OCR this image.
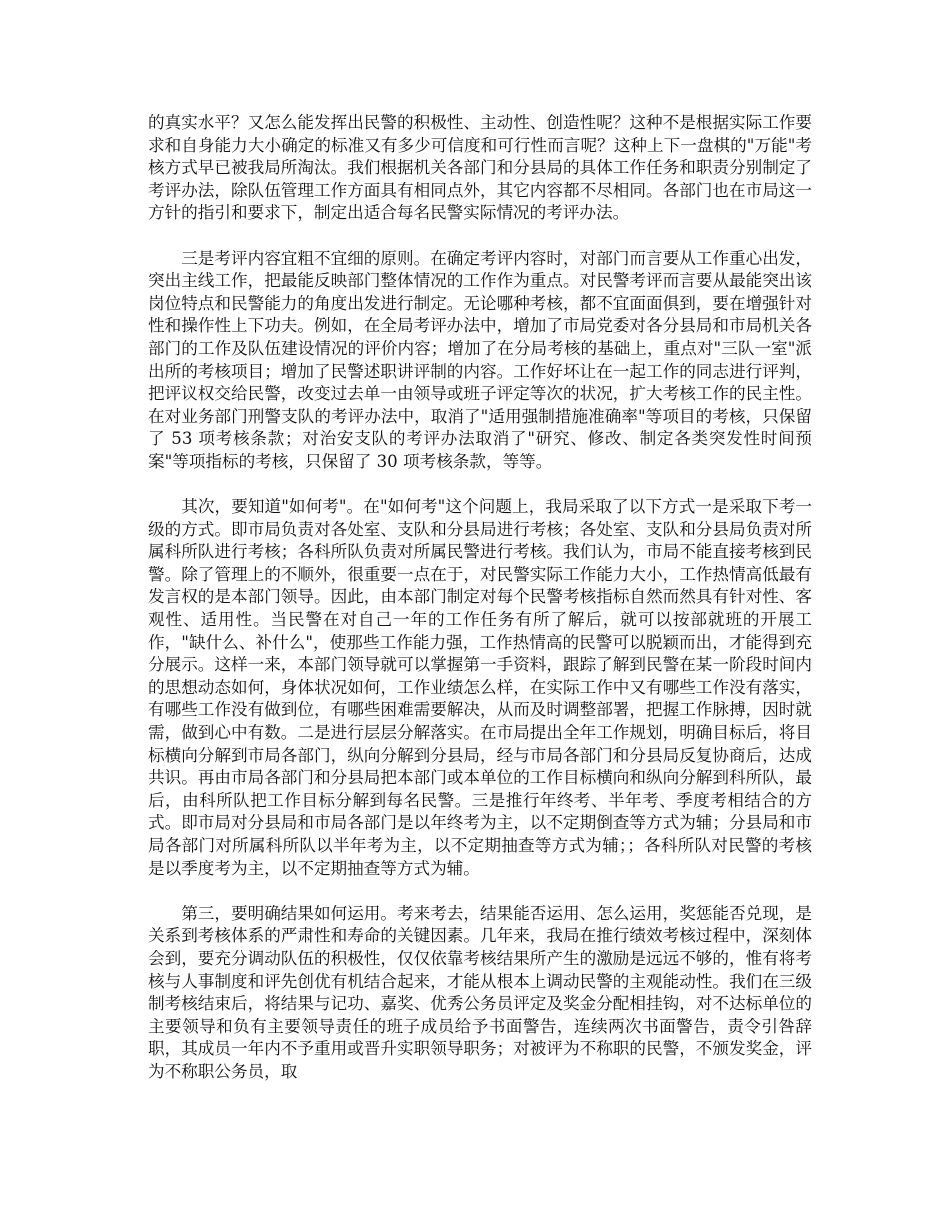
的真实水平？又怎么能发挥出民警的积极性、主动性、创造性呢？这种不是根据实际工作要求和自身能力大小确定的标准又有多少可信度和可行性而言呢？这种上下一盘棋的"万能"考核方式早已被我局所淘汰。我们根据机关各部门和分县局的具体工作任务和职责分别制定了考评办法，除队伍管理工作方面具有相同点外，其它内容都不尽相同。各部门也在市局这一方针的指引和要求下，制定出适合每名民警实际情况的考评办法。

三是考评内容宜粗不宜细的原则。在确定考评内容时，对部门而言要从工作重心出发，突出主线工作，把最能反映部门整体情况的工作作为重点。对民警考评而言要从最能突出该岗位特点和民警能力的角度出发进行制定。无论哪种考核，都不宜面面俱到，要在增强针对性和操作性上下功夫。例如，在全局考评办法中，增加了市局党委对各分县局和市局机关各部门的工作及队伍建设情况的评价内容；增加了在分局考核的基础上，重点对"三队一室"派出所的考核项目；增加了民警述职讲评制的内容。工作好坏让在一起工作的同志进行评判，把评议权交给民警，改变过去单一由领导或班子评定等次的状况，扩大考核工作的民主性。在对业务部门刑警支队的考评办法中，取消了"适用强制措施准确率"等项目的考核，只保留了 53 项考核条款；对治安支队的考评办法取消了"研究、修改、制定各类突发性时间预案"等项指标的考核，只保留了 30 项考核条款，等等。

其次，要知道"如何考"。在"如何考"这个问题上，我局采取了以下方式一是采取下考一级的方式。即市局负责对各处室、支队和分县局进行考核；各处室、支队和分县局负责对所属科所队进行考核；各科所队负责对所属民警进行考核。我们认为，市局不能直接考核到民警。除了管理上的不顺外，很重要一点在于，对民警实际工作能力大小，工作热情高低最有发言权的是本部门领导。因此，由本部门制定对每个民警考核指标自然而然具有针对性、客观性、适用性。当民警在对自己一年的工作任务有所了解后，就可以按部就班的开展工作，"缺什么、补什么"，使那些工作能力强，工作热情高的民警可以脱颖而出，才能得到充分展示。这样一来，本部门领导就可以掌握第一手资料，跟踪了解到民警在某一阶段时间内的思想动态如何，身体状况如何，工作业绩怎么样，在实际工作中又有哪些工作没有落实，有哪些工作没有做到位，有哪些困难需要解决，从而及时调整部署，把握工作脉搏，因时就需，做到心中有数。二是进行层层分解落实。在市局提出全年工作规划，明确目标后，将目标横向分解到市局各部门，纵向分解到分县局，经与市局各部门和分县局反复协商后，达成共识。再由市局各部门和分县局把本部门或本单位的工作目标横向和纵向分解到科所队，最后，由科所队把工作目标分解到每名民警。三是推行年终考、半年考、季度考相结合的方式。即市局对分县局和市局各部门是以年终考为主，以不定期倒查等方式为辅；分县局和市局各部门对所属科所队以半年考为主，以不定期抽查等方式为辅；；各科所队对民警的考核是以季度考为主，以不定期抽查等方式为辅。

第三，要明确结果如何运用。考来考去，结果能否运用、怎么运用，奖惩能否兑现，是关系到考核体系的严肃性和寿命的关键因素。几年来，我局在推行绩效考核过程中，深刻体会到，要充分调动队伍的积极性，仅仅依靠考核结果所产生的激励是远远不够的，惟有将考核与人事制度和评先创优有机结合起来，才能从根本上调动民警的主观能动性。我们在三级制考核结束后，将结果与记功、嘉奖、优秀公务员评定及奖金分配相挂钩，对不达标单位的主要领导和负有主要领导责任的班子成员给予书面警告，连续两次书面警告，责令引咎辞职，其成员一年内不予重用或晋升实职领导职务；对被评为不称职的民警，不颁发奖金，评为不称职公务员，取
